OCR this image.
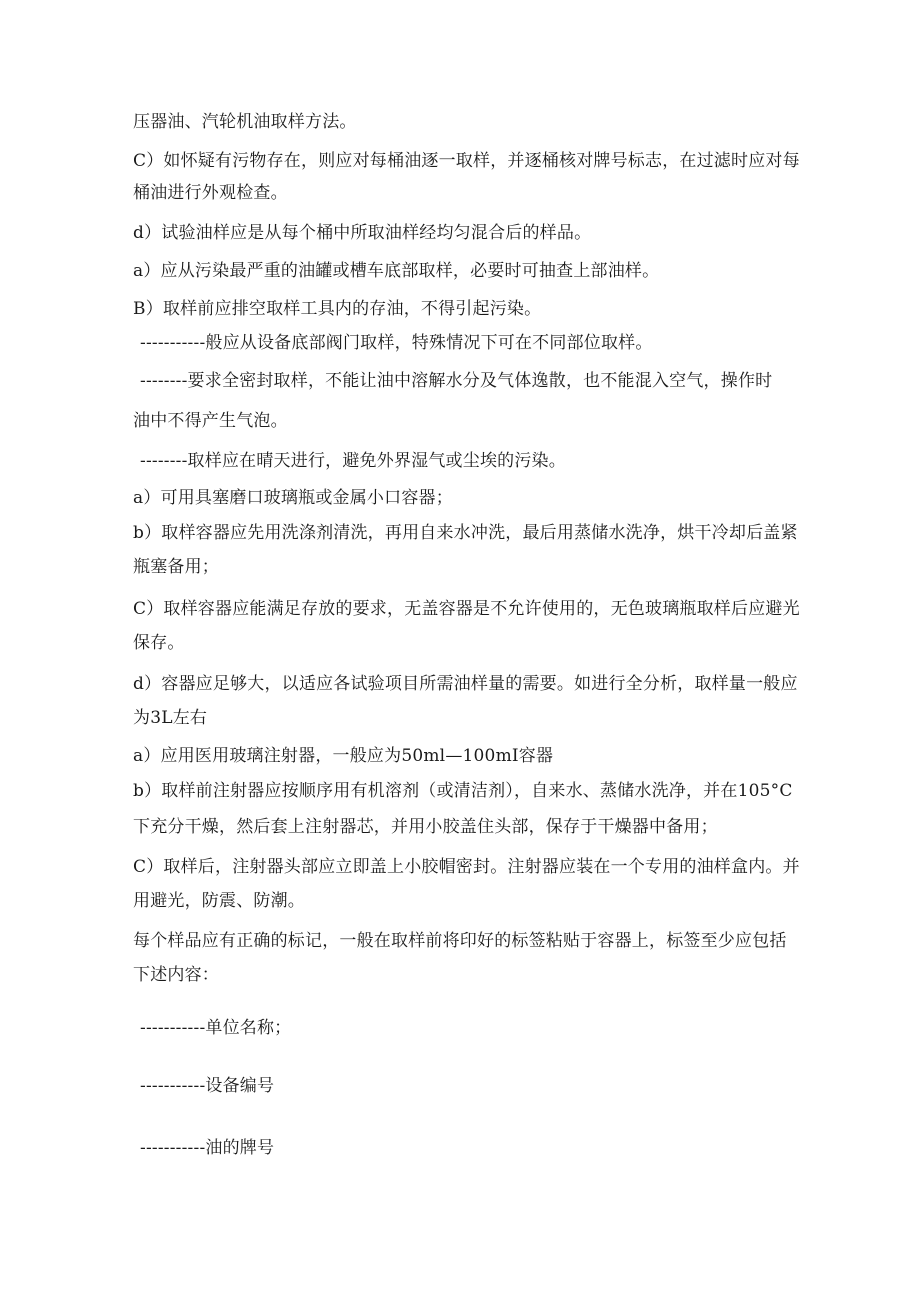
压器油、汽轮机油取样方法。
C）如怀疑有污物存在，则应对每桶油逐一取样，并逐桶核对牌号标志，在过滤时应对每
桶油进行外观检查。
d）试验油样应是从每个桶中所取油样经均匀混合后的样品。
a）应从污染最严重的油罐或槽车底部取样，必要时可抽查上部油样。
B）取样前应排空取样工具内的存油，不得引起污染。
-----------般应从设备底部阀门取样，特殊情况下可在不同部位取样。
--------要求全密封取样，不能让油中溶解水分及气体逸散，也不能混入空气，操作时
油中不得产生气泡。
--------取样应在晴天进行，避免外界湿气或尘埃的污染。
a）可用具塞磨口玻璃瓶或金属小口容器；
b）取样容器应先用洗涤剂清洗，再用自来水冲洗，最后用蒸储水洗净，烘干冷却后盖紧
瓶塞备用；
C）取样容器应能满足存放的要求，无盖容器是不允许使用的，无色玻璃瓶取样后应避光
保存。
d）容器应足够大，以适应各试验项目所需油样量的需要。如进行全分析，取样量一般应
为3L左右
a）应用医用玻璃注射器，一般应为50ml—100mI容器
b）取样前注射器应按顺序用有机溶剂（或清洁剂），自来水、蒸储水洗净，并在105°C
下充分干燥，然后套上注射器芯，并用小胶盖住头部，保存于干燥器中备用；
C）取样后，注射器头部应立即盖上小胶帽密封。注射器应装在一个专用的油样盒内。并
用避光，防震、防潮。
每个样品应有正确的标记，一般在取样前将印好的标签粘贴于容器上，标签至少应包括
下述内容：
-----------单位名称；
-----------设备编号
-----------油的牌号
